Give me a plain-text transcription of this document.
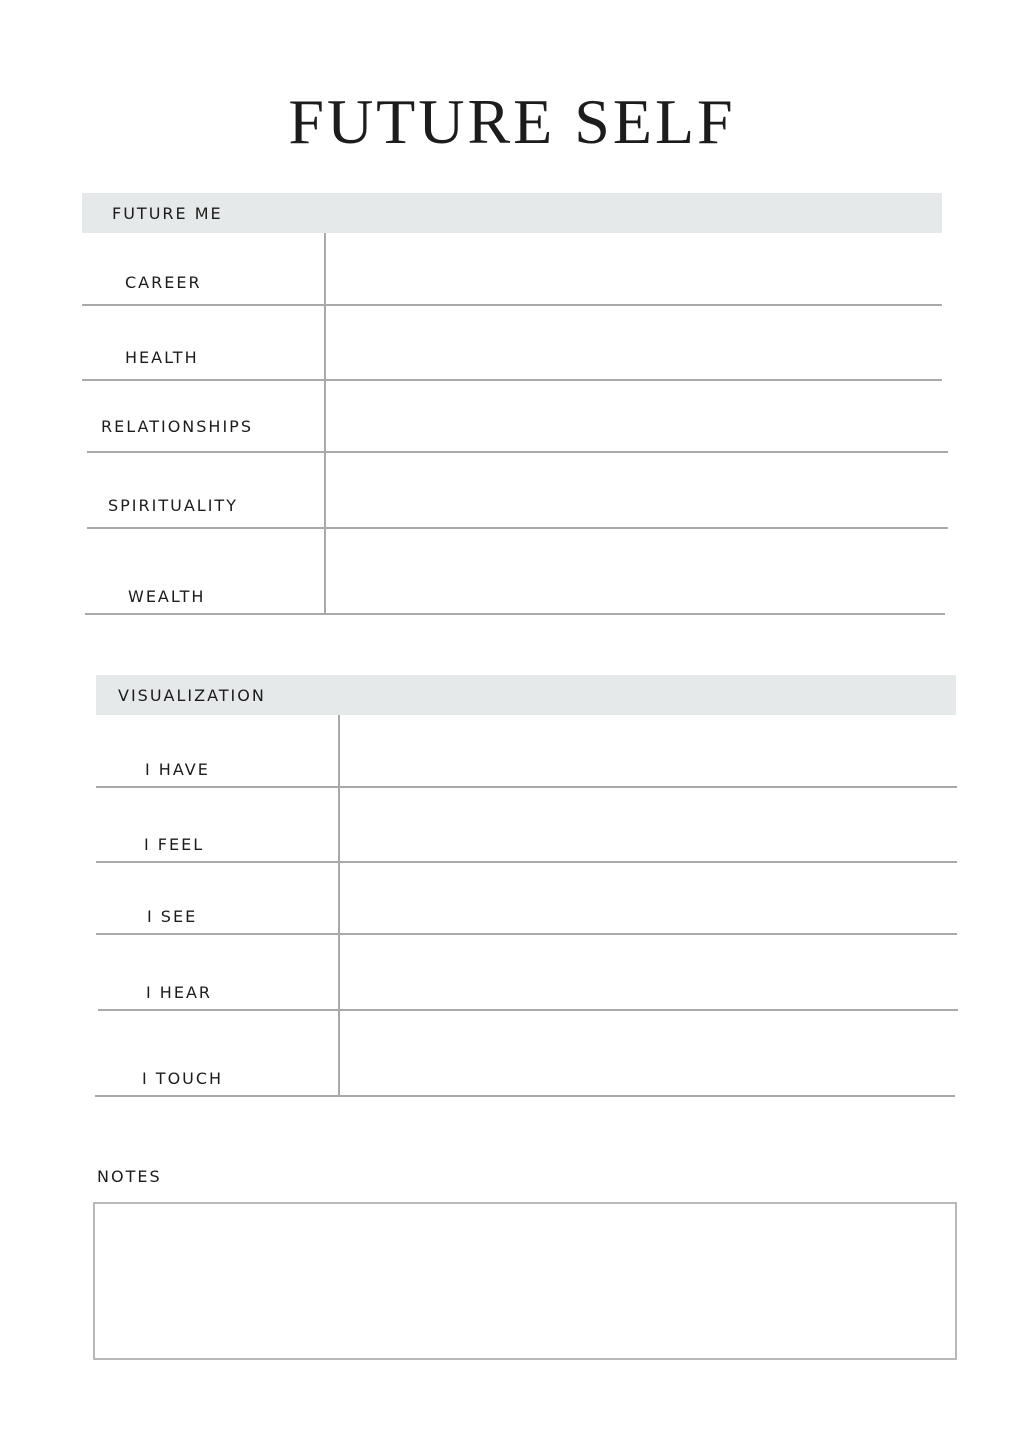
FUTURE SELF
FUTURE ME
CAREER
HEALTH
RELATIONSHIPS
SPIRITUALITY
WEALTH
VISUALIZATION
I HAVE
I FEEL
I SEE
I HEAR
I TOUCH
NOTES
